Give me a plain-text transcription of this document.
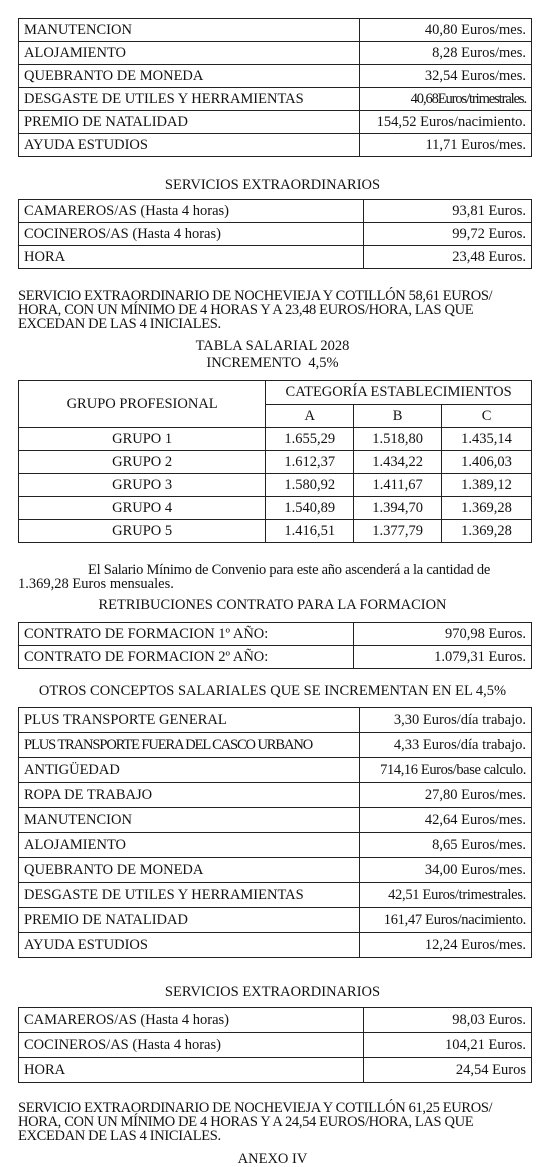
MANUTENCION	40,80 Euros/mes.
ALOJAMIENTO	8,28 Euros/mes.
QUEBRANTO DE MONEDA	32,54 Euros/mes.
DESGASTE DE UTILES Y HERRAMIENTAS	40,68Euros/trimestrales.
PREMIO DE NATALIDAD	154,52 Euros/nacimiento.
AYUDA ESTUDIOS	11,71 Euros/mes.
SERVICIOS EXTRAORDINARIOS
CAMAREROS/AS (Hasta 4 horas)	93,81 Euros.
COCINEROS/AS (Hasta 4 horas)	99,72 Euros.
HORA	23,48 Euros.
SERVICIO EXTRAORDINARIO DE NOCHEVIEJA Y COTILLÓN 58,61 EUROS/
HORA, CON UN MÍNIMO DE 4 HORAS Y A 23,48 EUROS/HORA, LAS QUE
EXCEDAN DE LAS 4 INICIALES.
TABLA SALARIAL 2028
INCREMENTO  4,5%
GRUPO PROFESIONAL	CATEGORÍA ESTABLECIMIENTOS		
	A	B	C
GRUPO 1	1.655,29	1.518,80	1.435,14
GRUPO 2	1.612,37	1.434,22	1.406,03
GRUPO 3	1.580,92	1.411,67	1.389,12
GRUPO 4	1.540,89	1.394,70	1.369,28
GRUPO 5	1.416,51	1.377,79	1.369,28
El Salario Mínimo de Convenio para este año ascenderá a la cantidad de
1.369,28 Euros mensuales.
RETRIBUCIONES CONTRATO PARA LA FORMACION
CONTRATO DE FORMACION 1º AÑO:	970,98 Euros.
CONTRATO DE FORMACION 2º AÑO:	1.079,31 Euros.
OTROS CONCEPTOS SALARIALES QUE SE INCREMENTAN EN EL 4,5%
PLUS TRANSPORTE GENERAL	3,30 Euros/día trabajo.
PLUS TRANSPORTE FUERA DEL CASCO URBANO	4,33 Euros/día trabajo.
ANTIGÜEDAD	714,16 Euros/base calculo.
ROPA DE TRABAJO	27,80 Euros/mes.
MANUTENCION	42,64 Euros/mes.
ALOJAMIENTO	8,65 Euros/mes.
QUEBRANTO DE MONEDA	34,00 Euros/mes.
DESGASTE DE UTILES Y HERRAMIENTAS	42,51 Euros/trimestrales.
PREMIO DE NATALIDAD	161,47 Euros/nacimiento.
AYUDA ESTUDIOS	12,24 Euros/mes.
SERVICIOS EXTRAORDINARIOS
CAMAREROS/AS (Hasta 4 horas)	98,03 Euros.
COCINEROS/AS (Hasta 4 horas)	104,21 Euros.
HORA	24,54 Euros
SERVICIO EXTRAORDINARIO DE NOCHEVIEJA Y COTILLÓN 61,25 EUROS/
HORA, CON UN MÍNIMO DE 4 HORAS Y A 24,54 EUROS/HORA, LAS QUE
EXCEDAN DE LAS 4 INICIALES.
ANEXO IV
